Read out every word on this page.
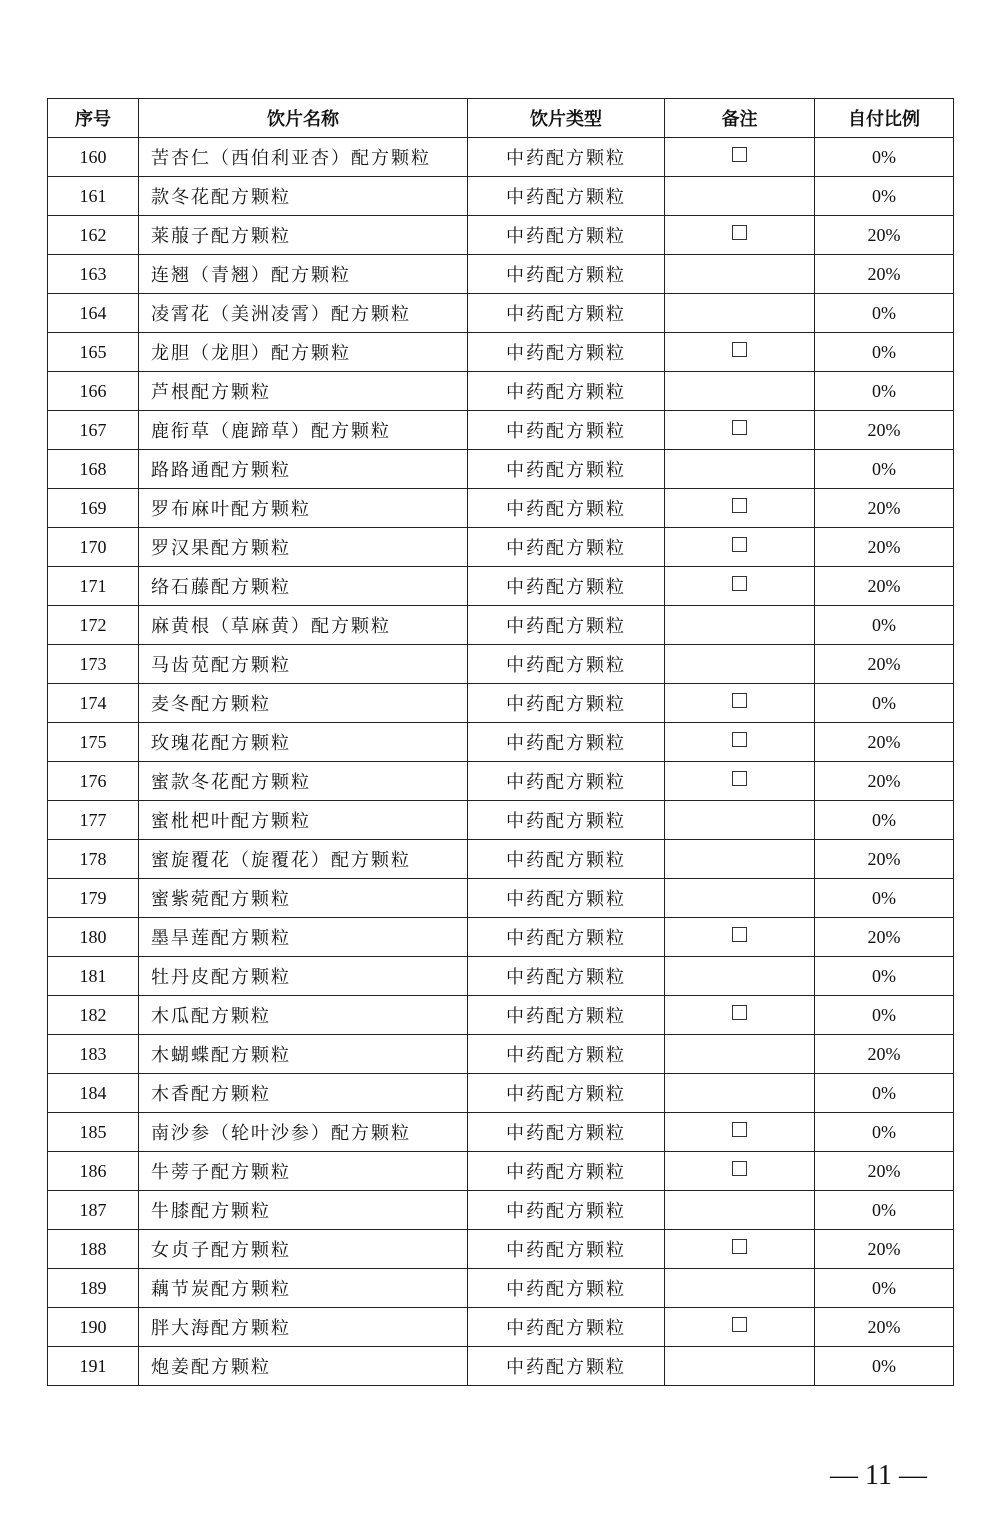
序号	饮片名称	饮片类型	备注	自付比例
160	苦杏仁（西伯利亚杏）配方颗粒	中药配方颗粒		0%
161	款冬花配方颗粒	中药配方颗粒		0%
162	莱菔子配方颗粒	中药配方颗粒		20%
163	连翘（青翘）配方颗粒	中药配方颗粒		20%
164	凌霄花（美洲凌霄）配方颗粒	中药配方颗粒		0%
165	龙胆（龙胆）配方颗粒	中药配方颗粒		0%
166	芦根配方颗粒	中药配方颗粒		0%
167	鹿衔草（鹿蹄草）配方颗粒	中药配方颗粒		20%
168	路路通配方颗粒	中药配方颗粒		0%
169	罗布麻叶配方颗粒	中药配方颗粒		20%
170	罗汉果配方颗粒	中药配方颗粒		20%
171	络石藤配方颗粒	中药配方颗粒		20%
172	麻黄根（草麻黄）配方颗粒	中药配方颗粒		0%
173	马齿苋配方颗粒	中药配方颗粒		20%
174	麦冬配方颗粒	中药配方颗粒		0%
175	玫瑰花配方颗粒	中药配方颗粒		20%
176	蜜款冬花配方颗粒	中药配方颗粒		20%
177	蜜枇杷叶配方颗粒	中药配方颗粒		0%
178	蜜旋覆花（旋覆花）配方颗粒	中药配方颗粒		20%
179	蜜紫菀配方颗粒	中药配方颗粒		0%
180	墨旱莲配方颗粒	中药配方颗粒		20%
181	牡丹皮配方颗粒	中药配方颗粒		0%
182	木瓜配方颗粒	中药配方颗粒		0%
183	木蝴蝶配方颗粒	中药配方颗粒		20%
184	木香配方颗粒	中药配方颗粒		0%
185	南沙参（轮叶沙参）配方颗粒	中药配方颗粒		0%
186	牛蒡子配方颗粒	中药配方颗粒		20%
187	牛膝配方颗粒	中药配方颗粒		0%
188	女贞子配方颗粒	中药配方颗粒		20%
189	藕节炭配方颗粒	中药配方颗粒		0%
190	胖大海配方颗粒	中药配方颗粒		20%
191	炮姜配方颗粒	中药配方颗粒		0%
— 11 —
